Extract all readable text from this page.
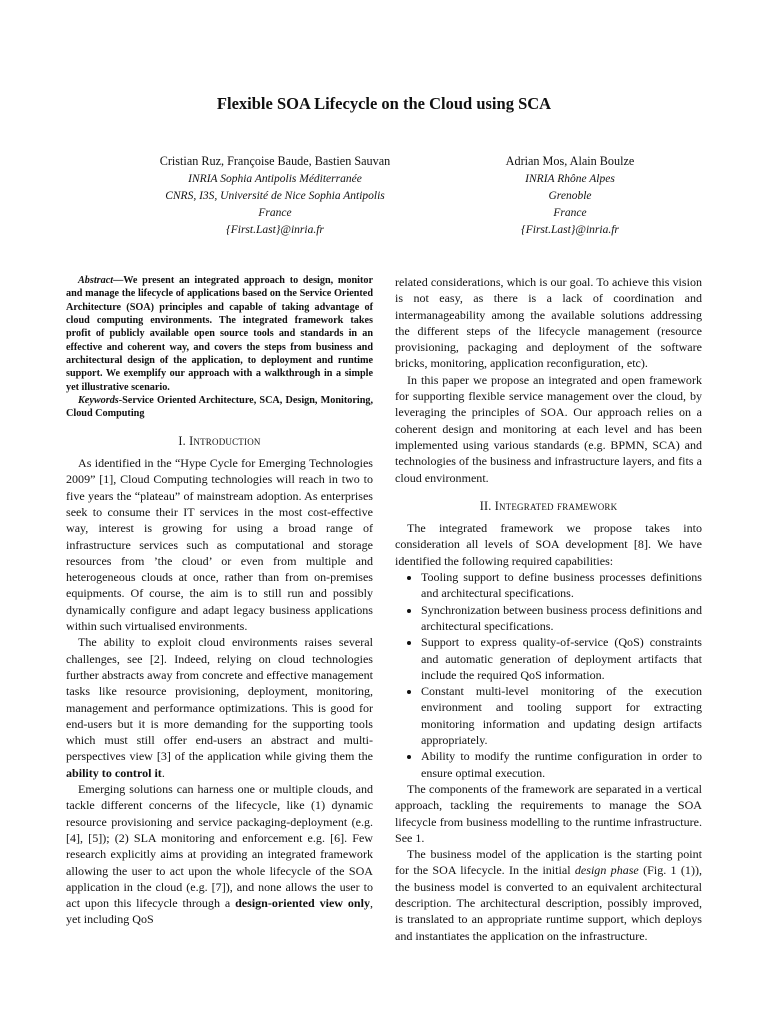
Flexible SOA Lifecycle on the Cloud using SCA
Cristian Ruz, Françoise Baude, Bastien Sauvan
INRIA Sophia Antipolis Méditerranée
CNRS, I3S, Université de Nice Sophia Antipolis
France
{First.Last}@inria.fr
Adrian Mos, Alain Boulze
INRIA Rhône Alpes
Grenoble
France
{First.Last}@inria.fr

Abstract—We present an integrated approach to design, monitor and manage the lifecycle of applications based on the Service Oriented Architecture (SOA) principles and capable of taking advantage of cloud computing environments. The integrated framework takes profit of publicly available open source tools and standards in an effective and coherent way, and covers the steps from business and architectural design of the application, to deployment and runtime support. We exemplify our approach with a walkthrough in a simple yet illustrative scenario.

Keywords-Service Oriented Architecture, SCA, Design, Monitoring, Cloud Computing

I. Introduction

As identified in the “Hype Cycle for Emerging Technologies 2009” [1], Cloud Computing technologies will reach in two to five years the “plateau” of mainstream adoption. As enterprises seek to consume their IT services in the most cost-effective way, interest is growing for using a broad range of infrastructure services such as computational and storage resources from ’the cloud’ or even from multiple and heterogeneous clouds at once, rather than from on-premises equipments. Of course, the aim is to still run and possibly dynamically configure and adapt legacy business applications within such virtualised environments.

The ability to exploit cloud environments raises several challenges, see [2]. Indeed, relying on cloud technologies further abstracts away from concrete and effective management tasks like resource provisioning, deployment, monitoring, management and performance optimizations. This is good for end-users but it is more demanding for the supporting tools which must still offer end-users an abstract and multi-perspectives view [3] of the application while giving them the ability to control it.

Emerging solutions can harness one or multiple clouds, and tackle different concerns of the lifecycle, like (1) dynamic resource provisioning and service packaging-deployment (e.g. [4], [5]); (2) SLA monitoring and enforcement e.g. [6]. Few research explicitly aims at providing an integrated framework allowing the user to act upon the whole lifecycle of the SOA application in the cloud (e.g. [7]), and none allows the user to act upon this lifecycle through a design-oriented view only, yet including QoS

related considerations, which is our goal. To achieve this vision is not easy, as there is a lack of coordination and intermanageability among the available solutions addressing the different steps of the lifecycle management (resource provisioning, packaging and deployment of the software bricks, monitoring, application reconfiguration, etc).

In this paper we propose an integrated and open framework for supporting flexible service management over the cloud, by leveraging the principles of SOA. Our approach relies on a coherent design and monitoring at each level and has been implemented using various standards (e.g. BPMN, SCA) and technologies of the business and infrastructure layers, and fits a cloud environment.

II. Integrated framework

The integrated framework we propose takes into consideration all levels of SOA development [8]. We have identified the following required capabilities:

• Tooling support to define business processes definitions and architectural specifications.
• Synchronization between business process definitions and architectural specifications.
• Support to express quality-of-service (QoS) constraints and automatic generation of deployment artifacts that include the required QoS information.
• Constant multi-level monitoring of the execution environment and tooling support for extracting monitoring information and updating design artifacts appropriately.
• Ability to modify the runtime configuration in order to ensure optimal execution.

The components of the framework are separated in a vertical approach, tackling the requirements to manage the SOA lifecycle from business modelling to the runtime infrastructure. See 1.

The business model of the application is the starting point for the SOA lifecycle. In the initial design phase (Fig. 1 (1)), the business model is converted to an equivalent architectural description. The architectural description, possibly improved, is translated to an appropriate runtime support, which deploys and instantiates the application on the infrastructure.
